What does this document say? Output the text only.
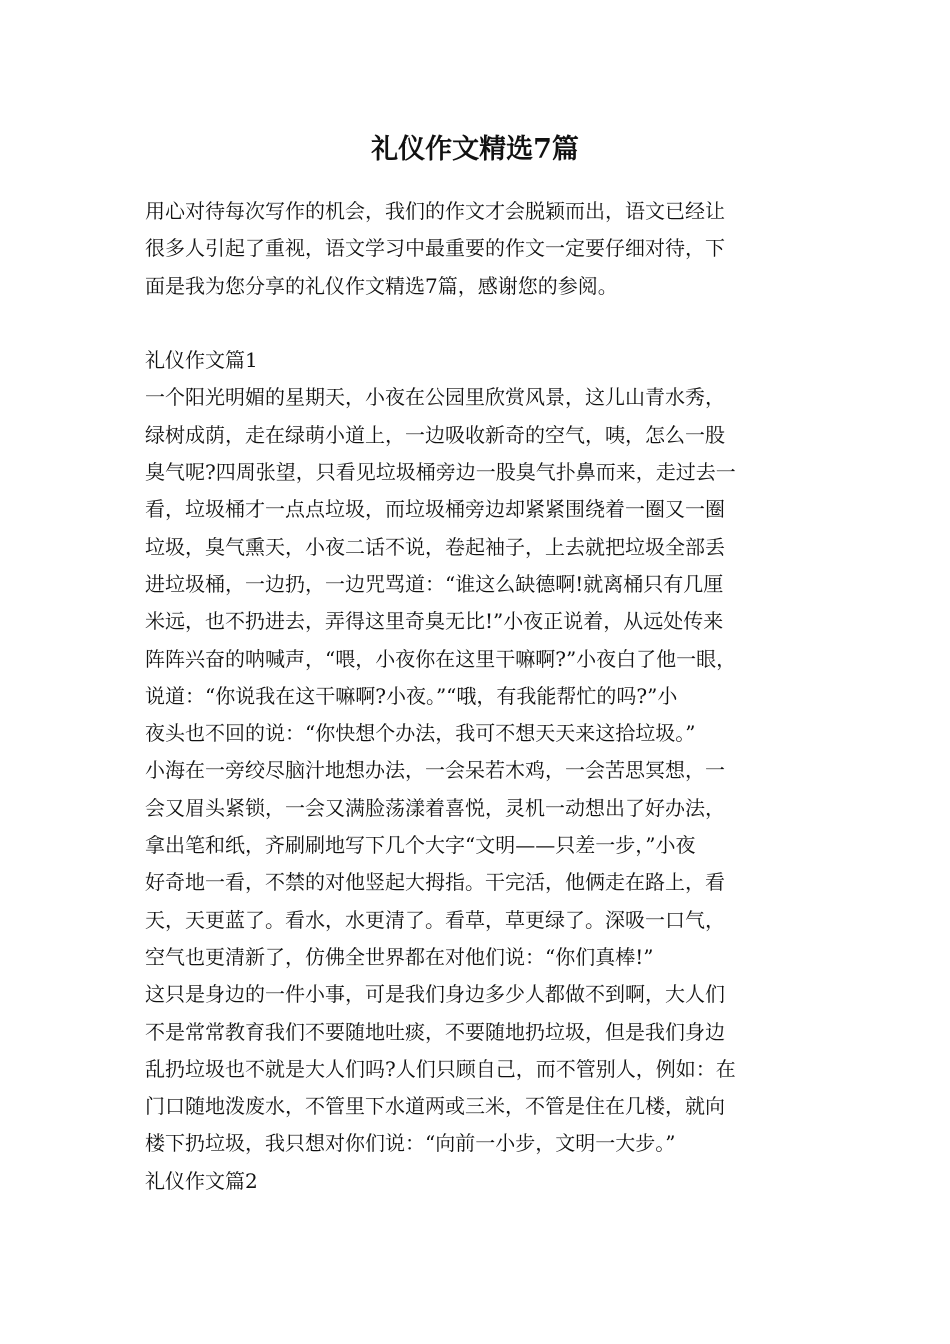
礼仪作文精选7篇
用心对待每次写作的机会，我们的作文才会脱颖而出，语文已经让
很多人引起了重视，语文学习中最重要的作文一定要仔细对待，下
面是我为您分享的礼仪作文精选7篇，感谢您的参阅。
礼仪作文篇1
一个阳光明媚的星期天，小夜在公园里欣赏风景，这儿山青水秀，
绿树成荫，走在绿萌小道上，一边吸收新奇的空气，咦，怎么一股
臭气呢?四周张望，只看见垃圾桶旁边一股臭气扑鼻而来，走过去一
看，垃圾桶才一点点垃圾，而垃圾桶旁边却紧紧围绕着一圈又一圈
垃圾，臭气熏天，小夜二话不说，卷起袖子，上去就把垃圾全部丢
进垃圾桶，一边扔，一边咒骂道：“谁这么缺德啊!就离桶只有几厘
米远，也不扔进去，弄得这里奇臭无比!”小夜正说着，从远处传来
阵阵兴奋的呐喊声，“喂，小夜你在这里干嘛啊?”小夜白了他一眼，
说道：“你说我在这干嘛啊?小夜。”“哦，有我能帮忙的吗?”小
夜头也不回的说：“你快想个办法，我可不想天天来这拾垃圾。”
小海在一旁绞尽脑汁地想办法，一会呆若木鸡，一会苦思冥想，一
会又眉头紧锁，一会又满脸荡漾着喜悦，灵机一动想出了好办法，
拿出笔和纸，齐刷刷地写下几个大字“文明——只差一步，”小夜
好奇地一看，不禁的对他竖起大拇指。干完活，他俩走在路上，看
天，天更蓝了。看水，水更清了。看草，草更绿了。深吸一口气，
空气也更清新了，仿佛全世界都在对他们说：“你们真棒!”
这只是身边的一件小事，可是我们身边多少人都做不到啊，大人们
不是常常教育我们不要随地吐痰，不要随地扔垃圾，但是我们身边
乱扔垃圾也不就是大人们吗?人们只顾自己，而不管别人，例如：在
门口随地泼废水，不管里下水道两或三米，不管是住在几楼，就向
楼下扔垃圾，我只想对你们说：“向前一小步，文明一大步。”
礼仪作文篇2
